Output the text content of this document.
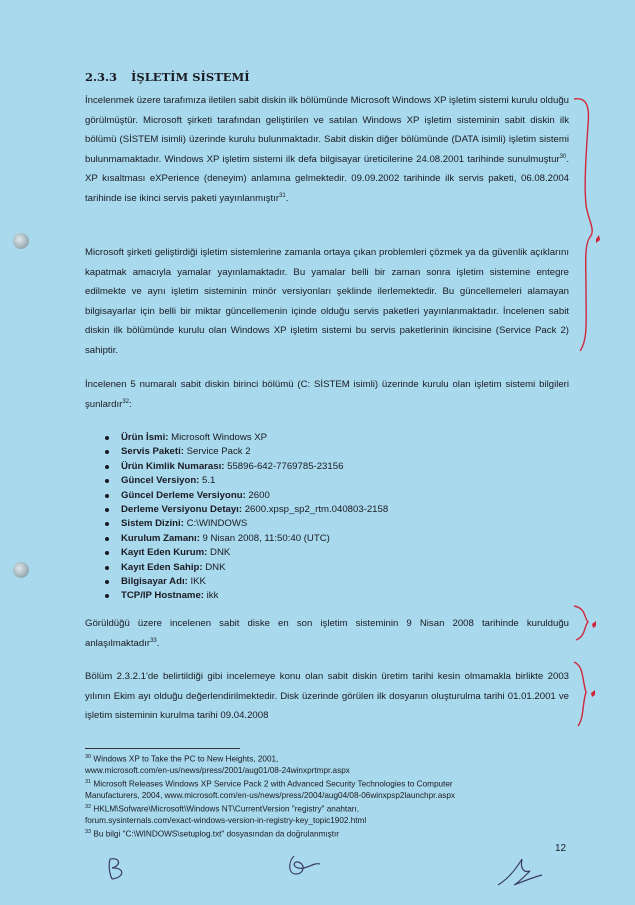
2.3.3 İŞLETİM SİSTEMİ
İncelenmek üzere tarafımıza iletilen sabit diskin ilk bölümünde Microsoft Windows XP işletim sistemi kurulu olduğu görülmüştür. Microsoft şirketi tarafından geliştirilen ve satılan Windows XP işletim sisteminin sabit diskin ilk bölümü (SİSTEM isimli) üzerinde kurulu bulunmaktadır. Sabit diskin diğer bölümünde (DATA isimli) işletim sistemi bulunmamaktadır. Windows XP işletim sistemi ilk defa bilgisayar üreticilerine 24.08.2001 tarihinde sunulmuştur$^{30}$. XP kısaltması eXPerience (deneyim) anlamına gelmektedir. 09.09.2002 tarihinde ilk servis paketi, 06.08.2004 tarihinde ise ikinci servis paketi yayınlanmıştır$^{31}$.
Microsoft şirketi geliştirdiği işletim sistemlerine zamanla ortaya çıkan problemleri çözmek ya da güvenlik açıklarını kapatmak amacıyla yamalar yayınlamaktadır. Bu yamalar belli bir zaman sonra işletim sistemine entegre edilmekte ve aynı işletim sisteminin minör versiyonları şeklinde ilerlemektedir. Bu güncellemeleri alamayan bilgisayarlar için belli bir miktar güncellemenin içinde olduğu servis paketleri yayınlanmaktadır. İncelenen sabit diskin ilk bölümünde kurulu olan Windows XP işletim sistemi bu servis paketlerinin ikincisine (Service Pack 2) sahiptir.
İncelenen 5 numaralı sabit diskin birinci bölümü (C: SİSTEM isimli) üzerinde kurulu olan işletim sistemi bilgileri şunlardır$^{32}$:
Ürün İsmi: Microsoft Windows XP
Servis Paketi: Service Pack 2
Ürün Kimlik Numarası: 55896-642-7769785-23156
Güncel Versiyon: 5.1
Güncel Derleme Versiyonu: 2600
Derleme Versiyonu Detayı: 2600.xpsp_sp2_rtm.040803-2158
Sistem Dizini: C:\WINDOWS
Kurulum Zamanı: 9 Nisan 2008, 11:50:40 (UTC)
Kayıt Eden Kurum: DNK
Kayıt Eden Sahip: DNK
Bilgisayar Adı: IKK
TCP/IP Hostname: ikk
Görüldüğü üzere incelenen sabit diske en son işletim sisteminin 9 Nisan 2008 tarihinde kurulduğu anlaşılmaktadır$^{33}$.
Bölüm 2.3.2.1'de belirtildiği gibi incelemeye konu olan sabit diskin üretim tarihi kesin olmamakla birlikte 2003 yılının Ekim ayı olduğu değerlendirilmektedir. Disk üzerinde görülen ilk dosyanın oluşturulma tarihi 01.01.2001 ve işletim sisteminin kurulma tarihi 09.04.2008
$^{30}$ Windows XP to Take the PC to New Heights, 2001,
www.microsoft.com/en-us/news/press/2001/aug01/08-24winxprtmpr.aspx
$^{31}$ Microsoft Releases Windows XP Service Pack 2 with Advanced Security Technologies to Computer
Manufacturers, 2004, www.microsoft.com/en-us/news/press/2004/aug04/08-06winxpsp2launchpr.aspx
$^{32}$ HKLM\Sofware\Microsoft\Windows NT\CurrentVersion "registry" anahtarı,
forum.sysinternals.com/exact-windows-version-in-registry-key_topic1902.html
$^{33}$ Bu bilgi "C:\WINDOWS\setuplog.txt" dosyasından da doğrulanmıştır
12
